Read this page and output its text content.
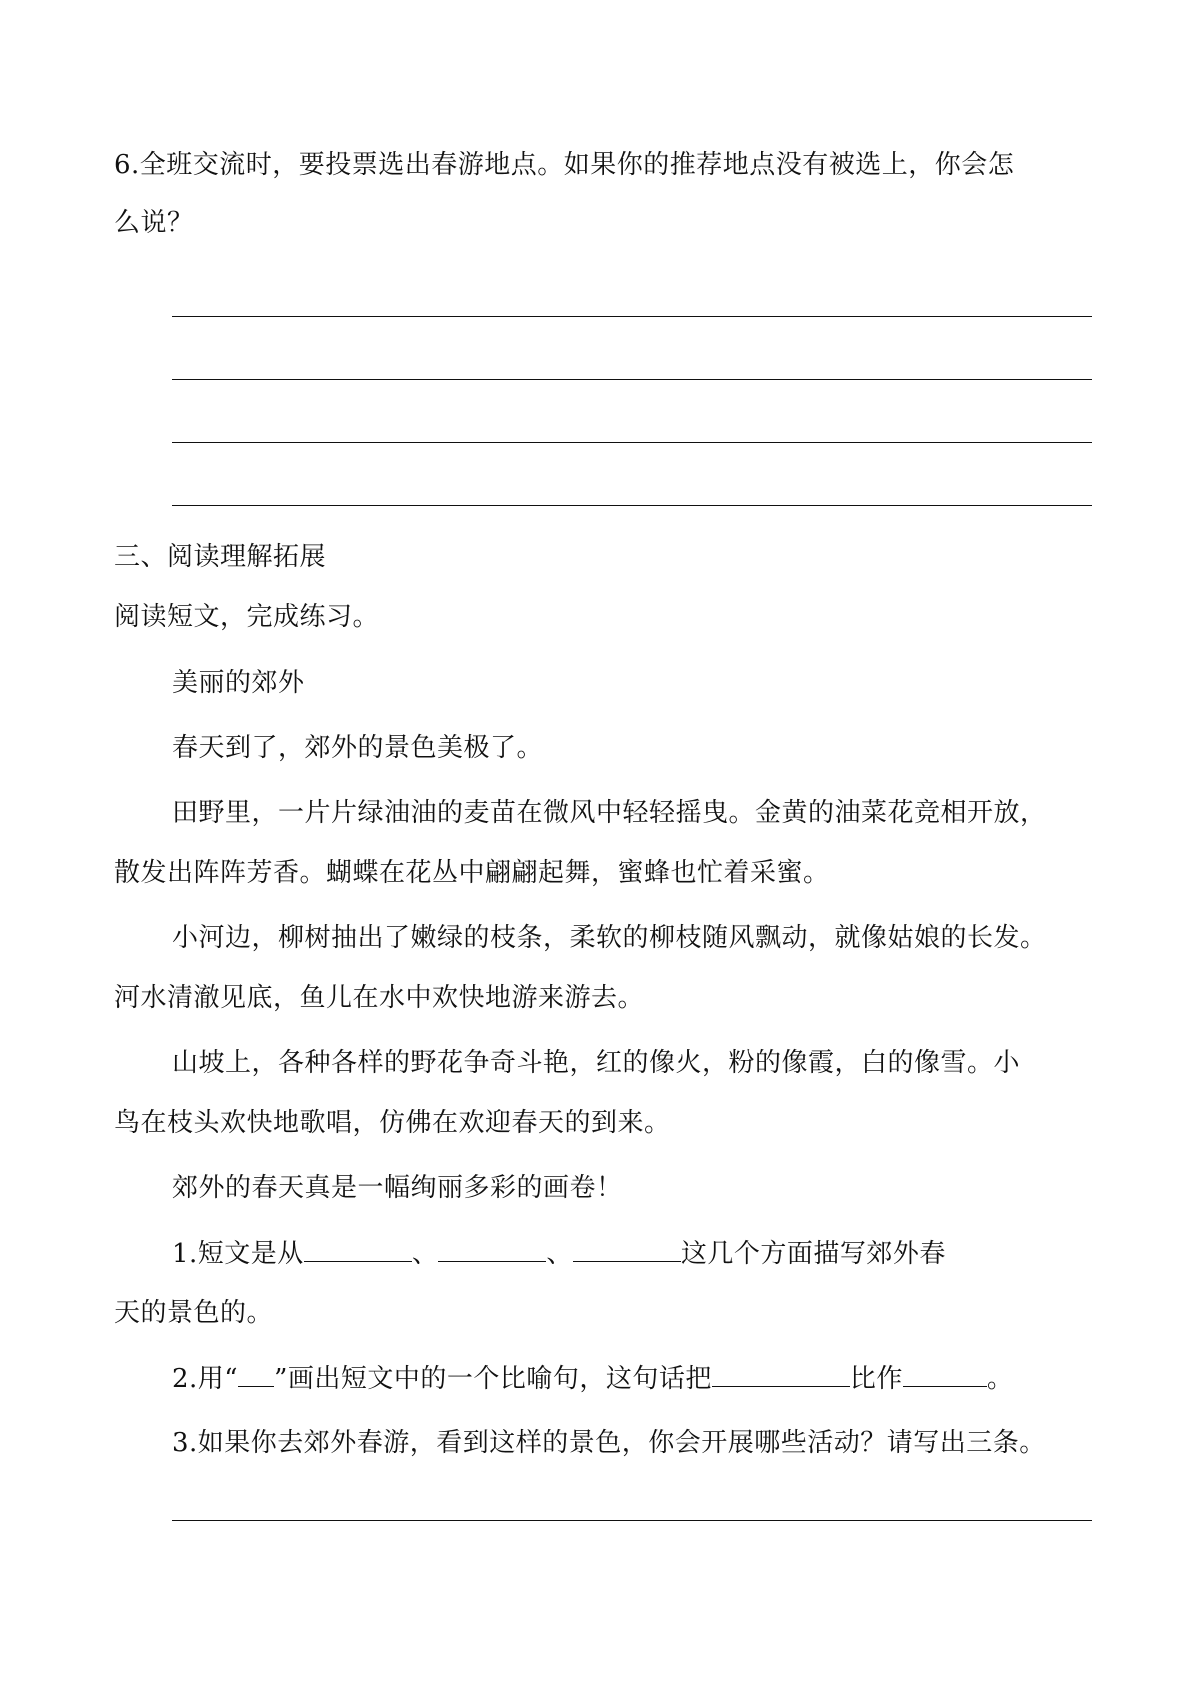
6.全班交流时，要投票选出春游地点。如果你的推荐地点没有被选上，你会怎
么说？
三、阅读理解拓展
阅读短文，完成练习。
美丽的郊外
春天到了，郊外的景色美极了。
田野里，一片片绿油油的麦苗在微风中轻轻摇曳。金黄的油菜花竞相开放，
散发出阵阵芳香。蝴蝶在花丛中翩翩起舞，蜜蜂也忙着采蜜。
小河边，柳树抽出了嫩绿的枝条，柔软的柳枝随风飘动，就像姑娘的长发。
河水清澈见底，鱼儿在水中欢快地游来游去。
山坡上，各种各样的野花争奇斗艳，红的像火，粉的像霞，白的像雪。小
鸟在枝头欢快地歌唱，仿佛在欢迎春天的到来。
郊外的春天真是一幅绚丽多彩的画卷！
1.短文是从	、	、	这几个方面描写郊外春
天的景色的。
2.用“ ”画出短文中的一个比喻句，这句话把	比作	。
3.如果你去郊外春游，看到这样的景色，你会开展哪些活动？请写出三条。
